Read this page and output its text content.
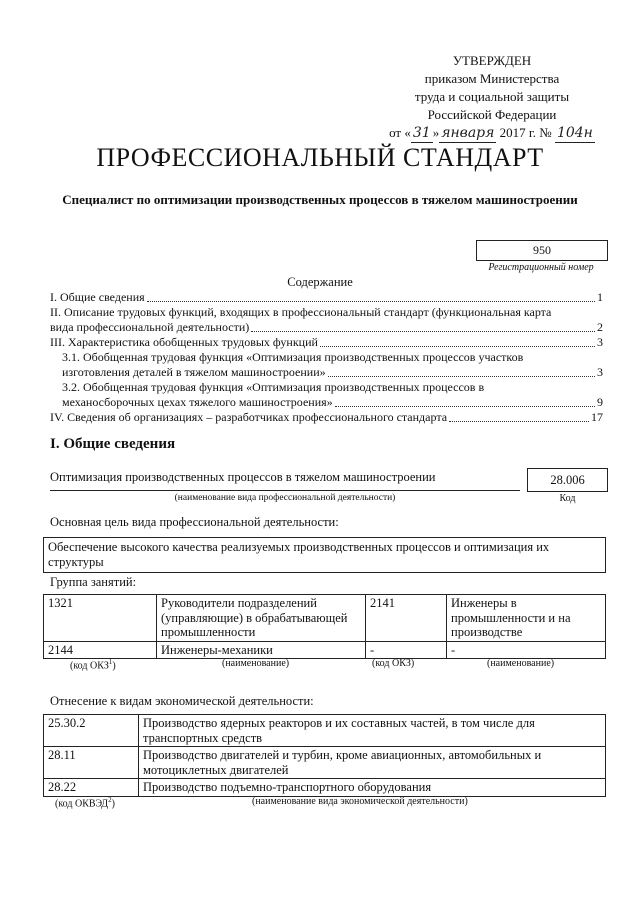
УТВЕРЖДЕН
приказом Министерства
труда и социальной защиты
Российской Федерации
от « 31 » января 2017 г. № 104н
ПРОФЕССИОНАЛЬНЫЙ СТАНДАРТ
Специалист по оптимизации производственных процессов в тяжелом машиностроении
950
Регистрационный номер
Содержание
I. Общие сведения	1
II. Описание трудовых функций, входящих в профессиональный стандарт (функциональная карта
вида профессиональной деятельности)	2
III. Характеристика обобщенных трудовых функций	3
3.1. Обобщенная трудовая функция «Оптимизация производственных процессов участков
изготовления деталей в тяжелом машиностроении»	3
3.2. Обобщенная трудовая функция «Оптимизация производственных процессов в
механосборочных цехах тяжелого машиностроения»	9
IV. Сведения об организациях – разработчиках профессионального стандарта	17
I. Общие сведения
Оптимизация производственных процессов в тяжелом машиностроении
(наименование вида профессиональной деятельности)
28.006
Код
Основная цель вида профессиональной деятельности:
Обеспечение высокого качества реализуемых производственных процессов и оптимизация их структуры
Группа занятий:
1321	Руководители подразделений (управляющие) в обрабатывающей промышленности	2141	Инженеры в промышленности и на производстве
2144	Инженеры-механики	-	-
(код ОКЗ$^1$)	(наименование)	(код ОКЗ)	(наименование)
Отнесение к видам экономической деятельности:
25.30.2	Производство ядерных реакторов и их составных частей, в том числе для транспортных средств
28.11	Производство двигателей и турбин, кроме авиационных, автомобильных и мотоциклетных двигателей
28.22	Производство подъемно-транспортного оборудования
(код ОКВЭД$^2$)	(наименование вида экономической деятельности)
